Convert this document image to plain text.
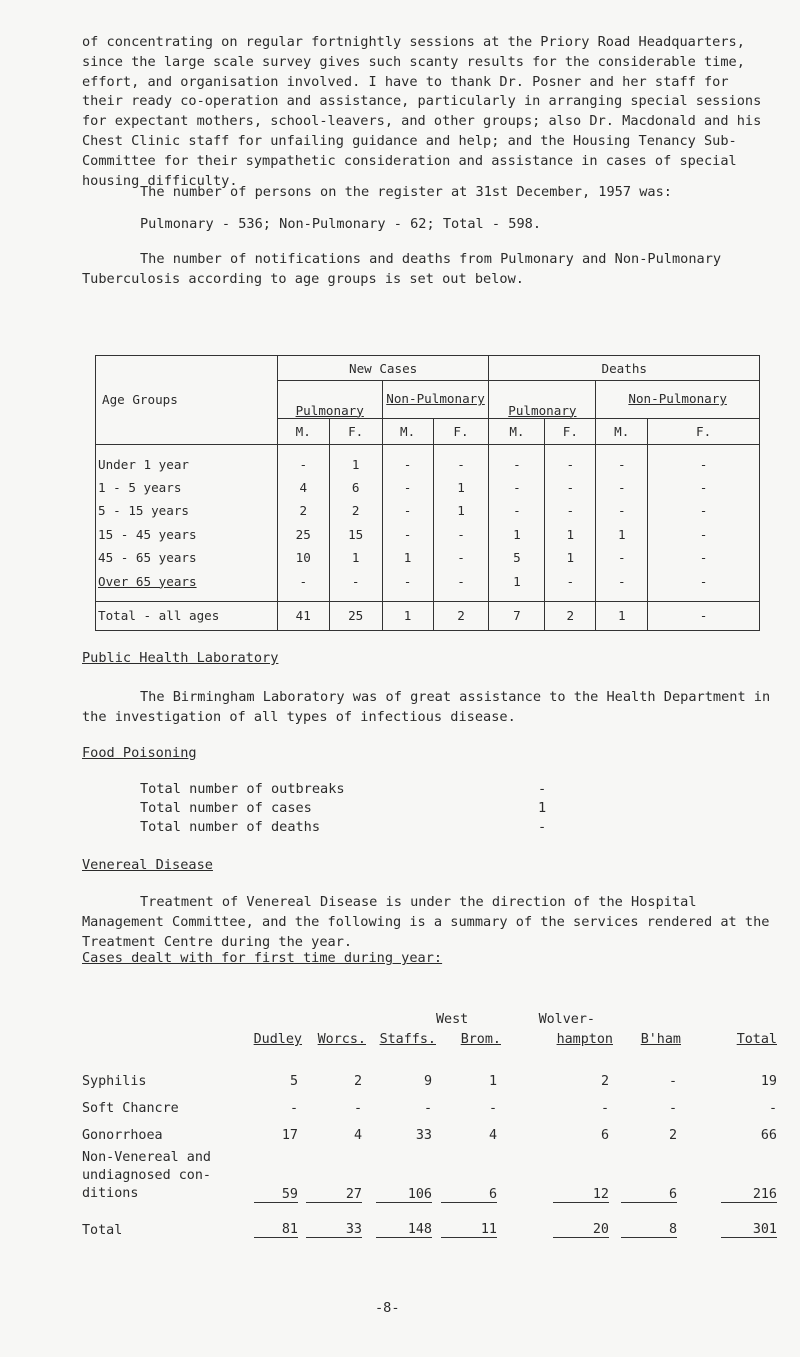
of concentrating on regular fortnightly sessions at the Priory Road Headquarters, since the large scale survey gives such scanty results for the considerable time, effort, and organisation involved. I have to thank Dr. Posner and her staff for their ready co-operation and assistance, particularly in arranging special sessions for expectant mothers, school-leavers, and other groups; also Dr. Macdonald and his Chest Clinic staff for unfailing guidance and help; and the Housing Tenancy Sub-Committee for their sympathetic consideration and assistance in cases of special housing difficulty.
The number of persons on the register at 31st December, 1957 was:
Pulmonary - 536; Non-Pulmonary - 62; Total - 598.
The number of notifications and deaths from Pulmonary and Non-Pulmonary Tuberculosis according to age groups is set out below.
Age Groups	New Cases				Deaths			
	Pulmonary		Non-Pulmonary		Pulmonary		Non-Pulmonary	
	M.	F.	M.	F.	M.	F.	M.	F.

Under 1 year	-	1	-	-	-	-	-	-
1 - 5 years	4	6	-	1	-	-	-	-
5 - 15 years	2	2	-	1	-	-	-	-
15 - 45 years	25	15	-	-	1	1	1	-
45 - 65 years	10	1	1	-	5	1	-	-
Over 65 years	-	-	-	-	1	-	-	-

Total - all ages	41	25	1	2	7	2	1	-
Public Health Laboratory
The Birmingham Laboratory was of great assistance to the Health Department in the investigation of all types of infectious disease.
Food Poisoning
Total number of outbreaks	-
Total number of cases	1
Total number of deaths	-
Venereal Disease
Treatment of Venereal Disease is under the direction of the Hospital Management Committee, and the following is a summary of the services rendered at the Treatment Centre during the year.
Cases dealt with for first time during year:
				West	Wolver-		
	Dudley	Worcs.	Staffs.	Brom.	hampton	B'ham	Total

Syphilis	5	2	9	1	2	-	19
Soft Chancre	-	-	-	-	-	-	-
Gonorrhoea	17	4	33	4	6	2	66

Non-Venereal and
undiagnosed con-
ditions	59	27	106	6	12	6	216

Total	81	33	148	11	20	8	301
-8-
